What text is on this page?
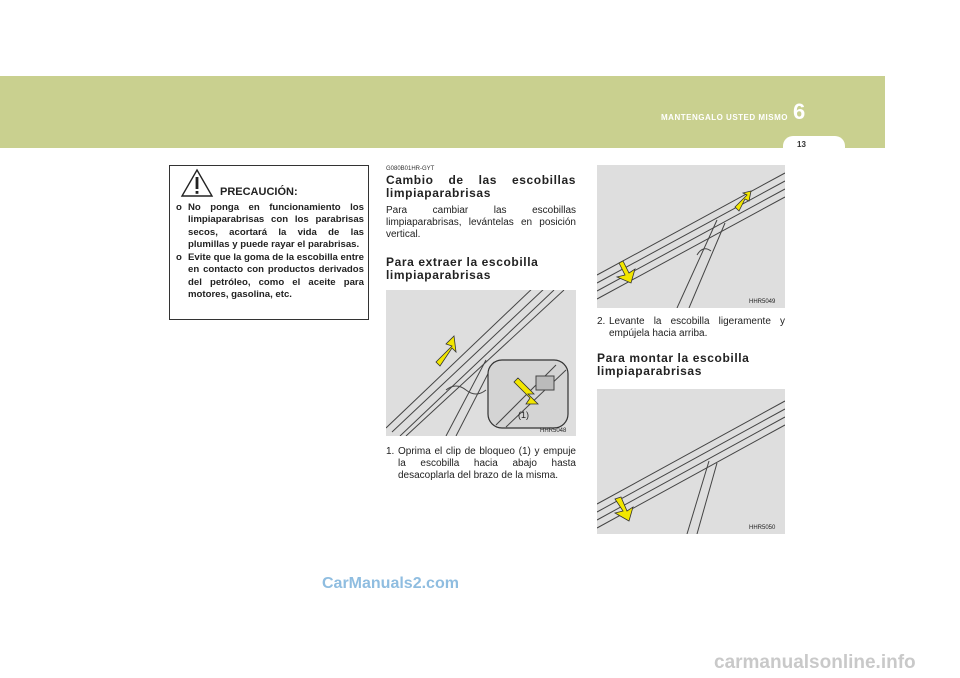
MANTENGALO USTED MISMO 6
13
PRECAUCIÓN:
o No ponga en funcionamiento los limpiaparabrisas con los parabrisas secos, acortará la vida de las plumillas y puede rayar el parabrisas.
o Evite que la goma de la escobilla entre en contacto con productos derivados del petróleo, como el aceite para motores, gasolina, etc.
G080B01HR-GYT
Cambio de las escobillas limpiaparabrisas

Para cambiar las escobillas limpiaparabrisas, levántelas en posición vertical.

Para extraer la escobilla limpiaparabrisas
(1)
HHR5048
1. Oprima el clip de bloqueo (1) y empuje la escobilla hacia abajo hasta desacoplarla del brazo de la misma.
HHR5049
2. Levante la escobilla ligeramente y empújela hacia arriba.
Para montar la escobilla limpiaparabrisas
HHR5050
CarManuals2.com
carmanualsonline.info
